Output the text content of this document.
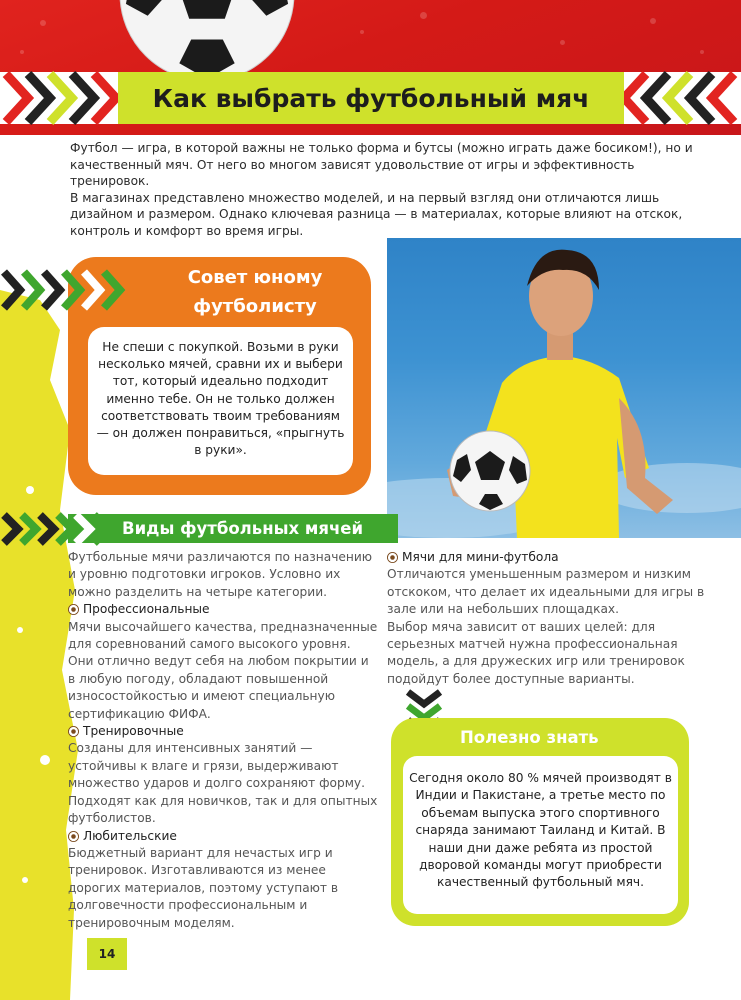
Как выбрать футбольный мяч

Футбол — игра, в которой важны не только форма и бутсы (можно играть даже босиком!), но и качественный мяч. От него во многом зависят удовольствие от игры и эффективность тренировок.

В магазинах представлено множество моделей, и на первый взгляд они отличаются лишь дизайном и размером. Однако ключевая разница — в материалах, которые влияют на отскок, контроль и комфорт во время игры.

Совет юному футболисту
Не спеши с покупкой. Возьми в руки несколько мячей, сравни их и выбери тот, который идеально подходит именно тебе. Он не только должен соответствовать твоим требованиям — он должен понравиться, «прыгнуть в руки».
Виды футбольных мячей

Футбольные мячи различаются по назначению и уровню подготовки игроков. Условно их можно разделить на четыре категории.

Профессиональные

Мячи высочайшего качества, предназначенные для соревнований самого высокого уровня. Они отлично ведут себя на любом покрытии и в любую погоду, обладают повышенной износостойкостью и имеют специальную сертификацию ФИФА.

Тренировочные

Созданы для интенсивных занятий — устойчивы к влаге и грязи, выдерживают множество ударов и долго сохраняют форму. Подходят как для новичков, так и для опытных футболистов.

Любительские

Бюджетный вариант для нечастых игр и тренировок. Изготавливаются из менее дорогих материалов, поэтому уступают в долговечности профессиональным и тренировочным моделям.

Мячи для мини-футбола

Отличаются уменьшенным размером и низким отскоком, что делает их идеальными для игры в зале или на небольших площадках.

Выбор мяча зависит от ваших целей: для серьезных матчей нужна профессиональная модель, а для дружеских игр или тренировок подойдут более доступные варианты.

Полезно знать
Сегодня около 80 % мячей производят в Индии и Пакистане, а третье место по объемам выпуска этого спортивного снаряда занимают Таиланд и Китай. В наши дни даже ребята из простой дворовой команды могут приобрести качественный футбольный мяч.
14
